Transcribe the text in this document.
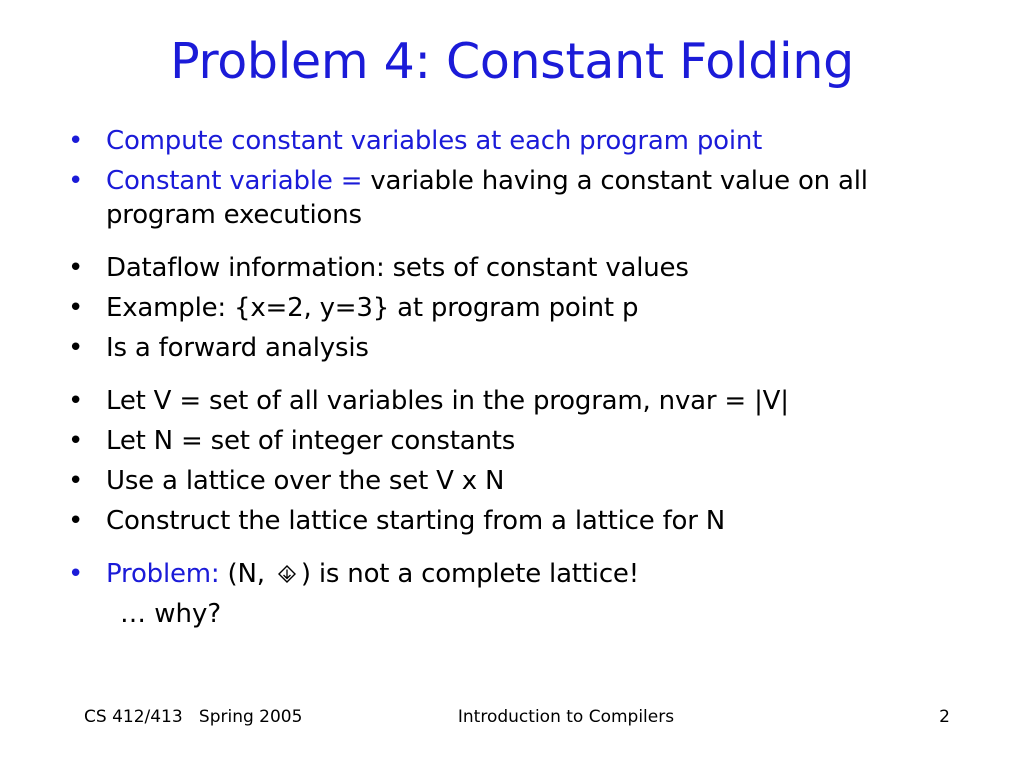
Problem 4: Constant Folding
• Compute constant variables at each program point
• Constant variable = variable having a constant value on all program executions
• Dataflow information: sets of constant values
• Example: {x=2, y=3} at program point p
• Is a forward analysis
• Let V = set of all variables in the program, nvar = |V|
• Let N = set of integer constants
• Use a lattice over the set V x N
• Construct the lattice starting from a lattice for N
• Problem: (N, ) is not a complete lattice!
… why?
CS 412/413   Spring 2005	Introduction to Compilers	2
